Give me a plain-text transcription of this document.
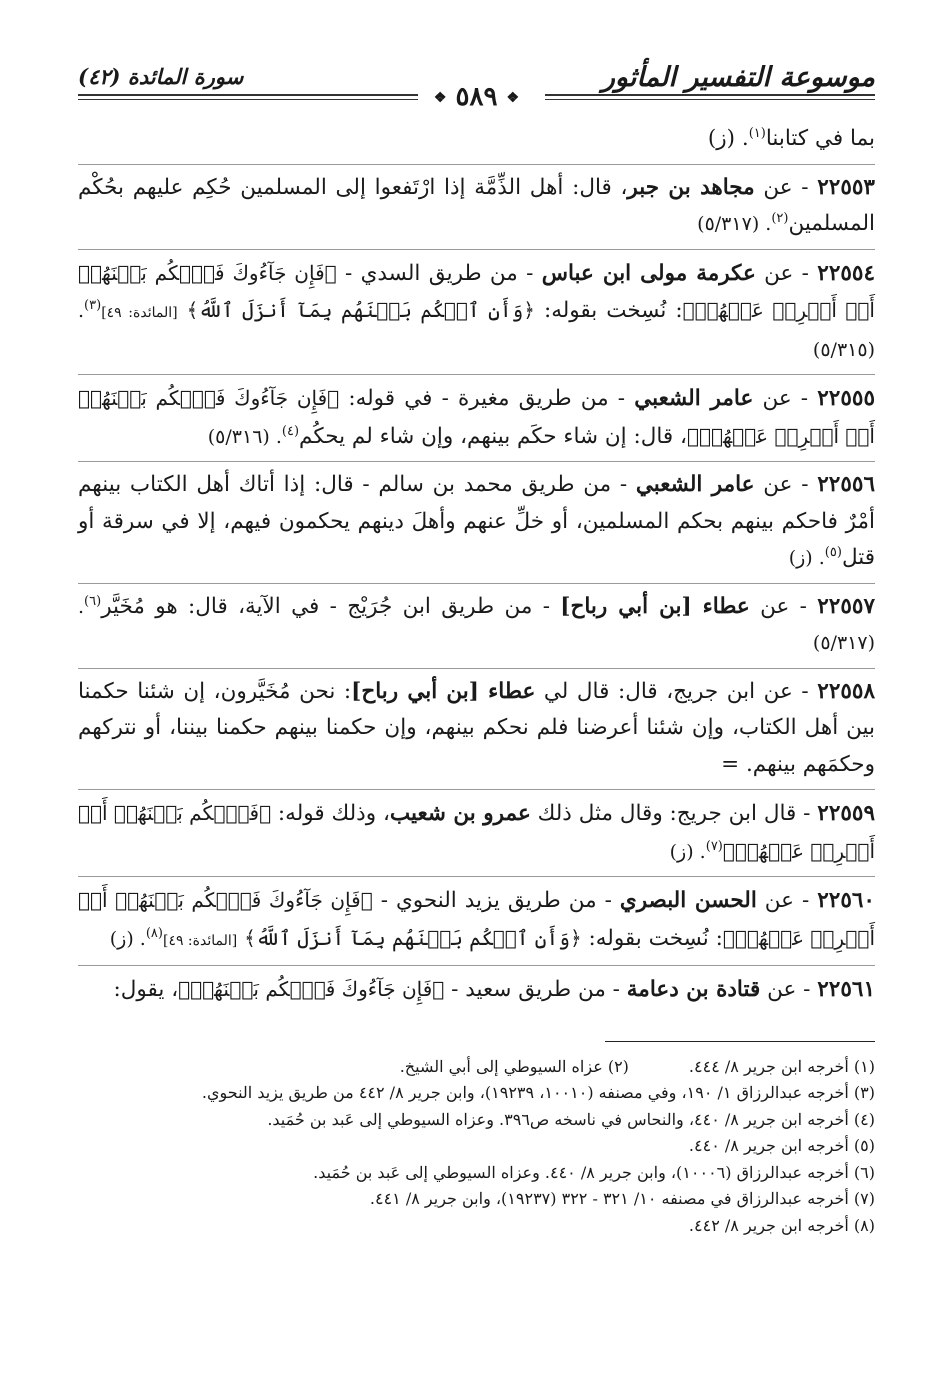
موسوعة التفسير المأثور
❖ ٥٨٩ ❖
سورة المائدة (٤٢)
بما في كتابنا$^{(١)}$. (ز)
٢٢٥٥٣ - عن مجاهد بن جبر، قال: أهل الذِّمَّة إذا ارْتَفعوا إلى المسلمين حُكِم عليهم بحُكْم المسلمين$^{(٢)}$. (٥/٣١٧)
٢٢٥٥٤ - عن عكرمة مولى ابن عباس - من طريق السدي - ﴿فَإِن جَآءُوكَ فَٱحۡكُم بَيۡنَهُمۡ أَوۡ أَعۡرِضۡ عَنۡهُمۡ﴾: نُسِخت بقوله: ﴿وَأَنِ ٱحۡكُم بَيۡنَهُم بِمَآ أَنزَلَ ٱللَّهُ﴾ [المائدة: ٤٩]$^{(٣)}$. (٥/٣١٥)
٢٢٥٥٥ - عن عامر الشعبي - من طريق مغيرة - في قوله: ﴿فَإِن جَآءُوكَ فَٱحۡكُم بَيۡنَهُمۡ أَوۡ أَعۡرِضۡ عَنۡهُمۡ﴾، قال: إن شاء حكَم بينهم، وإن شاء لم يحكُم$^{(٤)}$. (٥/٣١٦)
٢٢٥٥٦ - عن عامر الشعبي - من طريق محمد بن سالم - قال: إذا أتاك أهل الكتاب بينهم أمْرٌ فاحكم بينهم بحكم المسلمين، أو خلِّ عنهم وأهلَ دينهم يحكمون فيهم، إلا في سرقة أو قتل$^{(٥)}$. (ز)
٢٢٥٥٧ - عن عطاء [بن أبي رباح] - من طريق ابن جُرَيْج - في الآية، قال: هو مُخَيَّر$^{(٦)}$. (٥/٣١٧)
٢٢٥٥٨ - عن ابن جريج، قال: قال لي عطاء [بن أبي رباح]: نحن مُخَيَّرون، إن شئنا حكمنا بين أهل الكتاب، وإن شئنا أعرضنا فلم نحكم بينهم، وإن حكمنا بينهم حكمنا بيننا، أو نتركهم وحكمَهم بينهم. =
٢٢٥٥٩ - قال ابن جريج: وقال مثل ذلك عمرو بن شعيب، وذلك قوله: ﴿فَٱحۡكُم بَيۡنَهُمۡ أَوۡ أَعۡرِضۡ عَنۡهُمۡ﴾$^{(٧)}$. (ز)
٢٢٥٦٠ - عن الحسن البصري - من طريق يزيد النحوي - ﴿فَإِن جَآءُوكَ فَٱحۡكُم بَيۡنَهُمۡ أَوۡ أَعۡرِضۡ عَنۡهُمۡ﴾: نُسِخت بقوله: ﴿وَأَنِ ٱحۡكُم بَيۡنَهُم بِمَآ أَنزَلَ ٱللَّهُ﴾ [المائدة: ٤٩]$^{(٨)}$. (ز)
٢٢٥٦١ - عن قتادة بن دعامة - من طريق سعيد - ﴿فَإِن جَآءُوكَ فَٱحۡكُم بَيۡنَهُمۡ﴾، يقول:
(١) أخرجه ابن جرير ٨/ ٤٤٤.
(٢) عزاه السيوطي إلى أبي الشيخ.
(٣) أخرجه عبدالرزاق ١/ ١٩٠، وفي مصنفه (١٠٠١٠، ١٩٢٣٩)، وابن جرير ٨/ ٤٤٢ من طريق يزيد النحوي.
(٤) أخرجه ابن جرير ٨/ ٤٤٠، والنحاس في ناسخه ص٣٩٦. وعزاه السيوطي إلى عَبد بن حُمَيد.
(٥) أخرجه ابن جرير ٨/ ٤٤٠.
(٦) أخرجه عبدالرزاق (١٠٠٠٦)، وابن جرير ٨/ ٤٤٠. وعزاه السيوطي إلى عَبد بن حُمَيد.
(٧) أخرجه عبدالرزاق في مصنفه ١٠/ ٣٢١ - ٣٢٢ (١٩٢٣٧)، وابن جرير ٨/ ٤٤١.
(٨) أخرجه ابن جرير ٨/ ٤٤٢.
